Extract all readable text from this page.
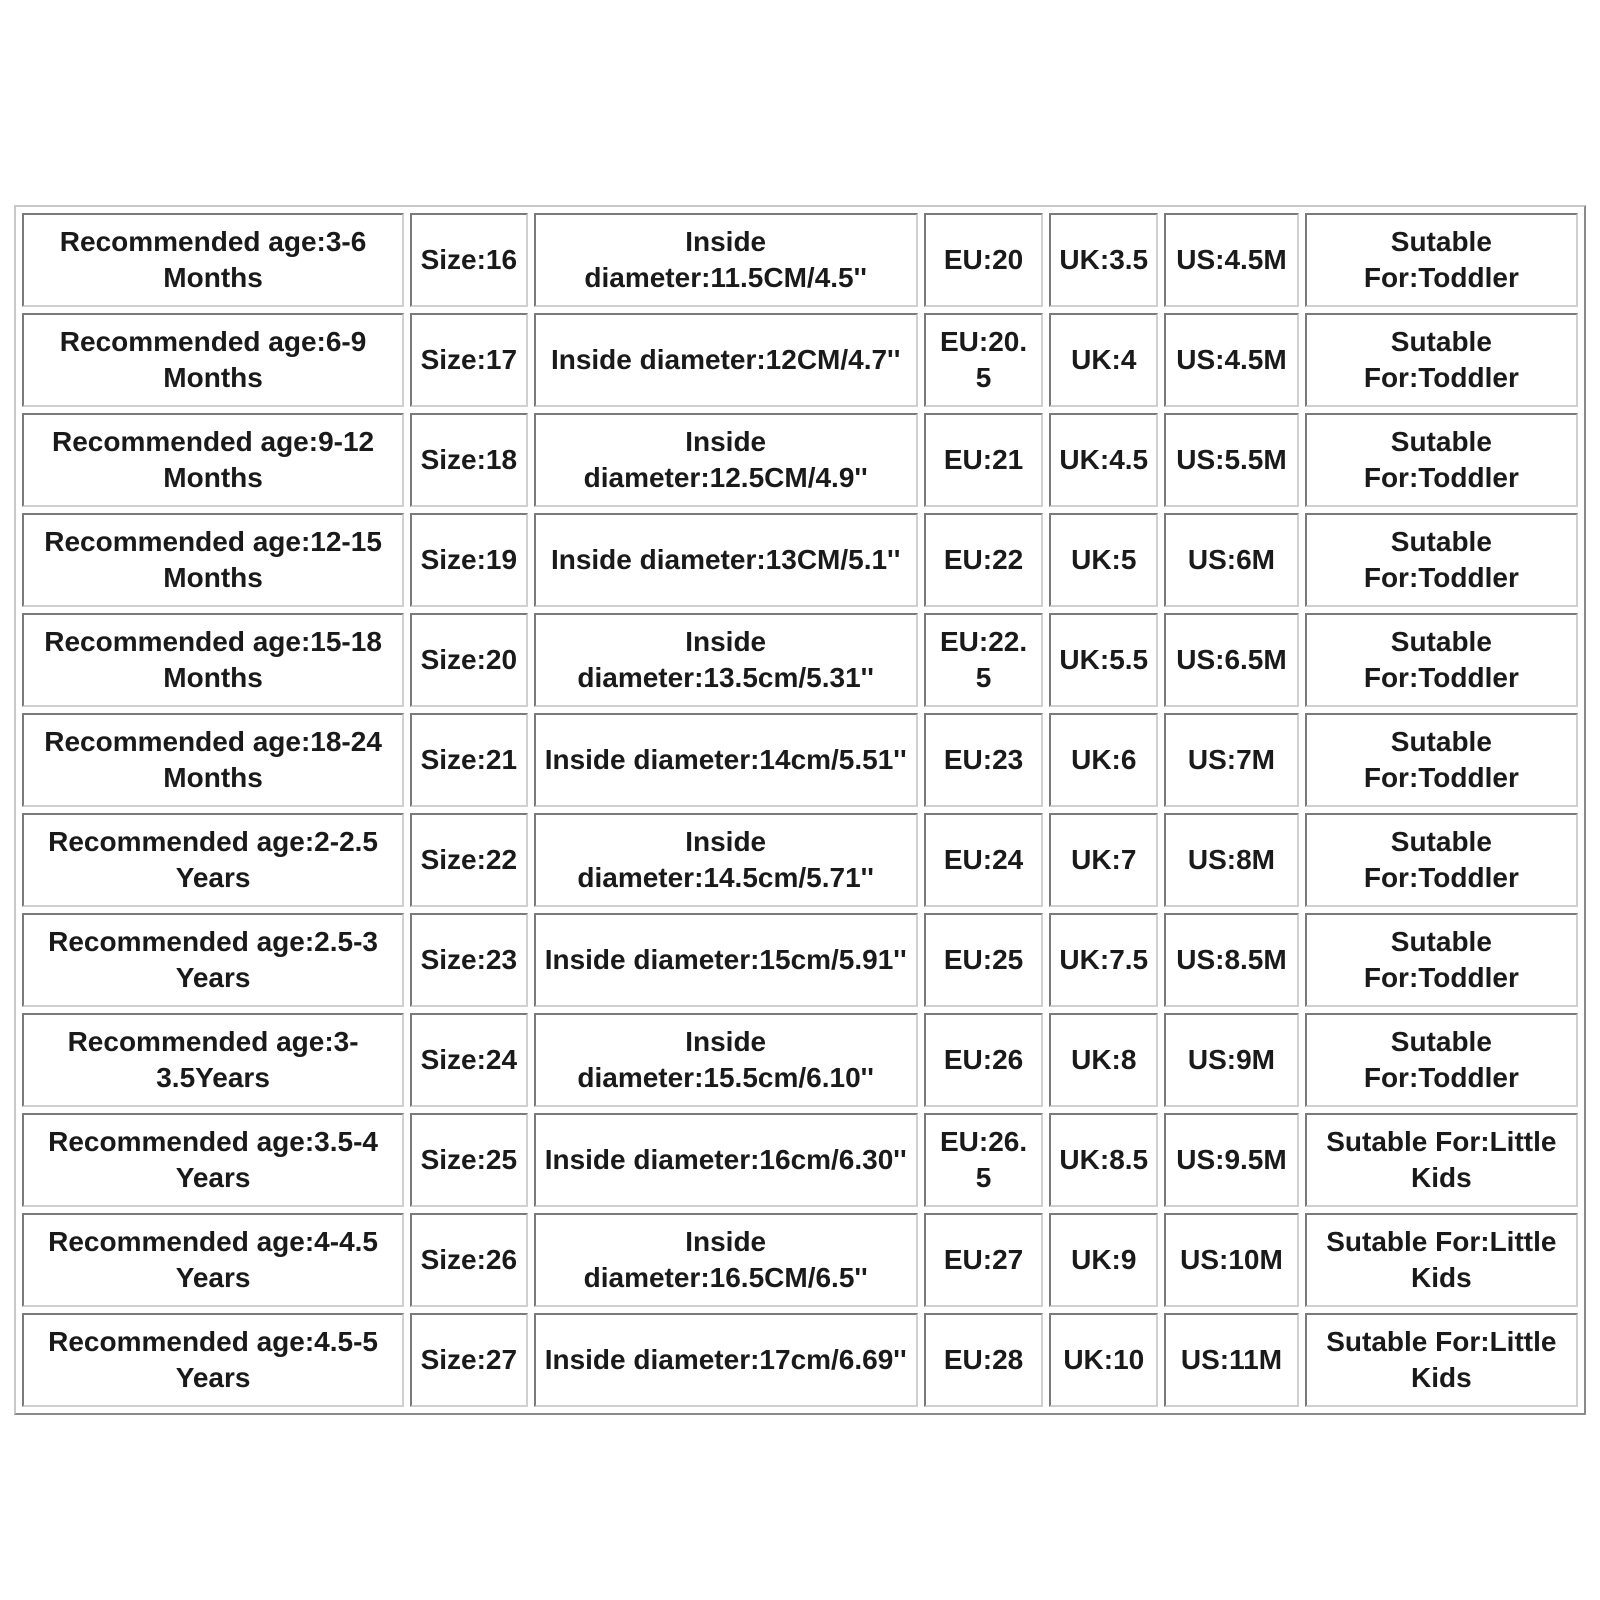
Recommended age:3-6 Months	Size:16	Inside diameter:11.5CM/4.5''	EU:20	UK:3.5	US:4.5M	Sutable For:Toddler
Recommended age:6-9 Months	Size:17	Inside diameter:12CM/4.7''	EU:20.5	UK:4	US:4.5M	Sutable For:Toddler
Recommended age:9-12 Months	Size:18	Inside diameter:12.5CM/4.9''	EU:21	UK:4.5	US:5.5M	Sutable For:Toddler
Recommended age:12-15 Months	Size:19	Inside diameter:13CM/5.1''	EU:22	UK:5	US:6M	Sutable For:Toddler
Recommended age:15-18 Months	Size:20	Inside diameter:13.5cm/5.31''	EU:22.5	UK:5.5	US:6.5M	Sutable For:Toddler
Recommended age:18-24 Months	Size:21	Inside diameter:14cm/5.51''	EU:23	UK:6	US:7M	Sutable For:Toddler
Recommended age:2-2.5 Years	Size:22	Inside diameter:14.5cm/5.71''	EU:24	UK:7	US:8M	Sutable For:Toddler
Recommended age:2.5-3 Years	Size:23	Inside diameter:15cm/5.91''	EU:25	UK:7.5	US:8.5M	Sutable For:Toddler
Recommended age:3-3.5Years	Size:24	Inside diameter:15.5cm/6.10''	EU:26	UK:8	US:9M	Sutable For:Toddler
Recommended age:3.5-4 Years	Size:25	Inside diameter:16cm/6.30''	EU:26.5	UK:8.5	US:9.5M	Sutable For:Little Kids
Recommended age:4-4.5 Years	Size:26	Inside diameter:16.5CM/6.5''	EU:27	UK:9	US:10M	Sutable For:Little Kids
Recommended age:4.5-5 Years	Size:27	Inside diameter:17cm/6.69''	EU:28	UK:10	US:11M	Sutable For:Little Kids
